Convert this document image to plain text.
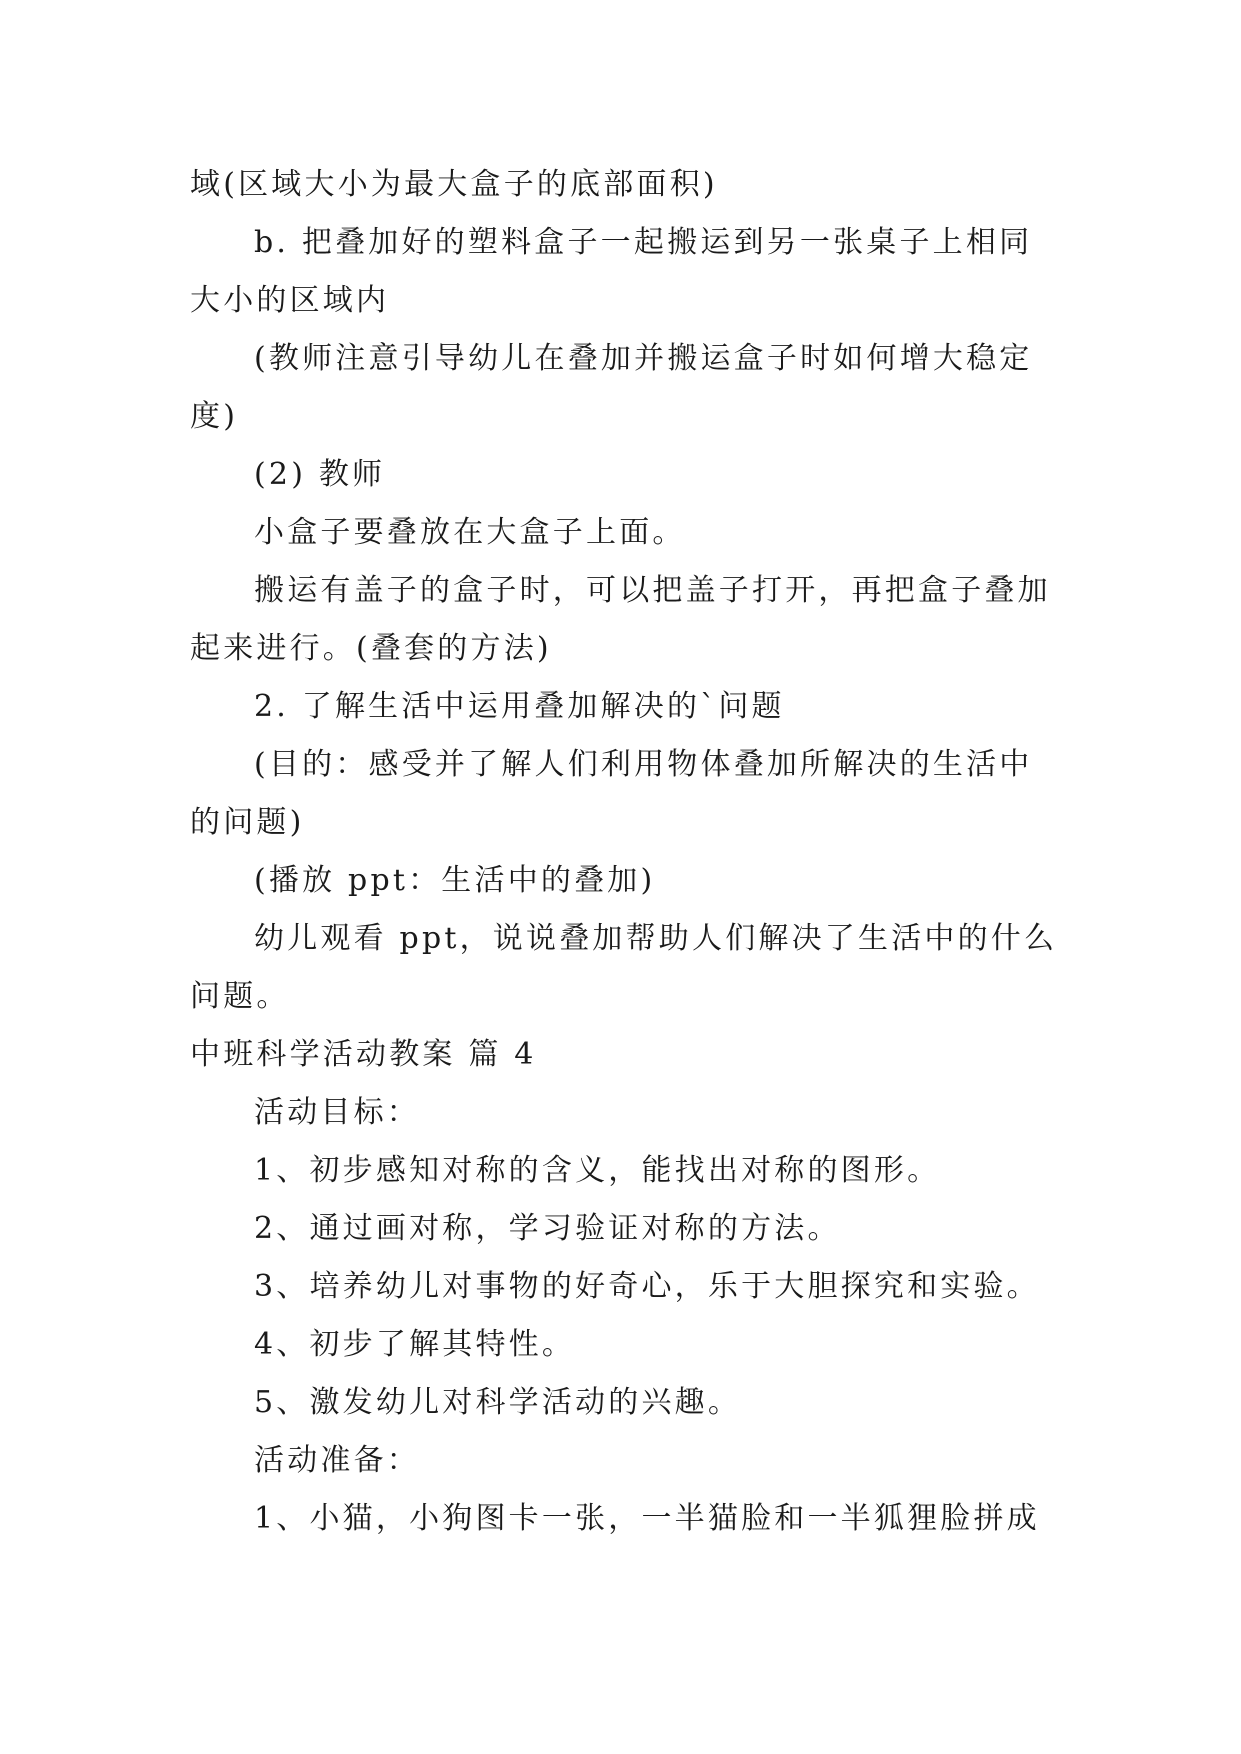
域(区域大小为最大盒子的底部面积)
b. 把叠加好的塑料盒子一起搬运到另一张桌子上相同
大小的区域内
(教师注意引导幼儿在叠加并搬运盒子时如何增大稳定
度)
(2) 教师
小盒子要叠放在大盒子上面。
搬运有盖子的盒子时，可以把盖子打开，再把盒子叠加
起来进行。(叠套的方法)
2. 了解生活中运用叠加解决的`问题
(目的：感受并了解人们利用物体叠加所解决的生活中
的问题)
(播放 ppt：生活中的叠加)
幼儿观看 ppt，说说叠加帮助人们解决了生活中的什么
问题。
中班科学活动教案 篇 4
活动目标：
1、初步感知对称的含义，能找出对称的图形。
2、通过画对称，学习验证对称的方法。
3、培养幼儿对事物的好奇心，乐于大胆探究和实验。
4、初步了解其特性。
5、激发幼儿对科学活动的兴趣。
活动准备：
1、小猫，小狗图卡一张，一半猫脸和一半狐狸脸拼成
